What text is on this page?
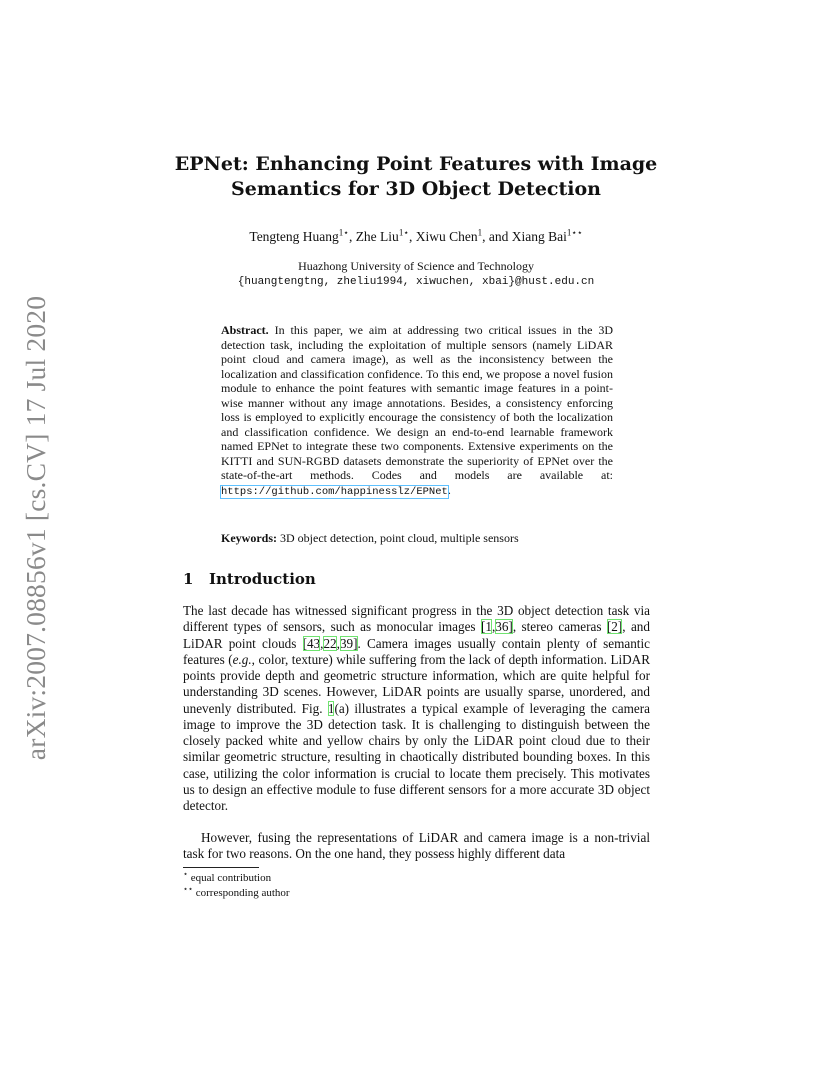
arXiv:2007.08856v1 [cs.CV] 17 Jul 2020
EPNet: Enhancing Point Features with Image
Semantics for 3D Object Detection
Tengteng Huang$^{1⋆}$, Zhe Liu$^{1⋆}$, Xiwu Chen$^1$, and Xiang Bai$^{1⋆⋆}$
Huazhong University of Science and Technology
{huangtengtng, zheliu1994, xiwuchen, xbai}@hust.edu.cn

Abstract. In this paper, we aim at addressing two critical issues in the 3D detection task, including the exploitation of multiple sensors (namely LiDAR point cloud and camera image), as well as the inconsistency between the localization and classification confidence. To this end, we propose a novel fusion module to enhance the point features with semantic image features in a point-wise manner without any image annotations. Besides, a consistency enforcing loss is employed to explicitly encourage the consistency of both the localization and classification confidence. We design an end-to-end learnable framework named EPNet to integrate these two components. Extensive experiments on the KITTI and SUN-RGBD datasets demonstrate the superiority of EPNet over the state-of-the-art methods. Codes and models are available at: https://github.com/happinesslz/EPNet.

Keywords: 3D object detection, point cloud, multiple sensors

1 Introduction

The last decade has witnessed significant progress in the 3D object detection task via different types of sensors, such as monocular images [1,36], stereo cameras [2], and LiDAR point clouds [43,22,39]. Camera images usually contain plenty of semantic features (e.g., color, texture) while suffering from the lack of depth information. LiDAR points provide depth and geometric structure information, which are quite helpful for understanding 3D scenes. However, LiDAR points are usually sparse, unordered, and unevenly distributed. Fig. 1(a) illustrates a typical example of leveraging the camera image to improve the 3D detection task. It is challenging to distinguish between the closely packed white and yellow chairs by only the LiDAR point cloud due to their similar geometric structure, resulting in chaotically distributed bounding boxes. In this case, utilizing the color information is crucial to locate them precisely. This motivates us to design an effective module to fuse different sensors for a more accurate 3D object detector.

However, fusing the representations of LiDAR and camera image is a non-trivial task for two reasons. On the one hand, they possess highly different data

⋆ equal contribution
⋆⋆ corresponding author
